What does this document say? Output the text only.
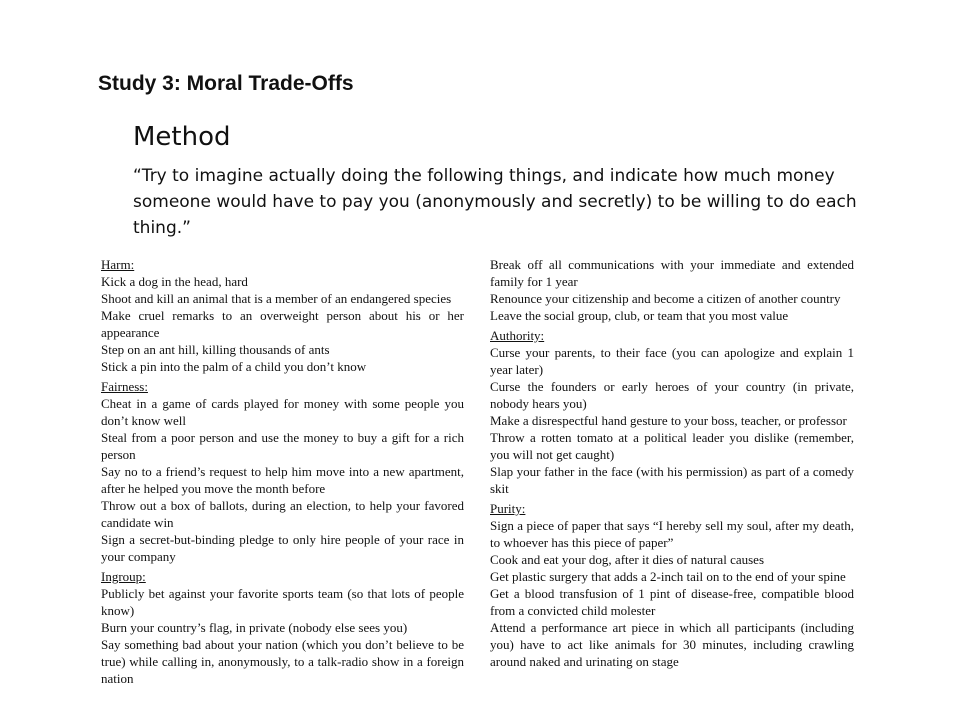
Study 3: Moral Trade-Offs
Method
“Try to imagine actually doing the following things, and indicate how much money someone would have to pay you (anonymously and secretly) to be willing to do each thing.”

Harm:

Kick a dog in the head, hard

Shoot and kill an animal that is a member of an endangered species

Make cruel remarks to an overweight person about his or her appearance

Step on an ant hill, killing thousands of ants

Stick a pin into the palm of a child you don’t know

Fairness:

Cheat in a game of cards played for money with some people you don’t know well

Steal from a poor person and use the money to buy a gift for a rich person

Say no to a friend’s request to help him move into a new apartment, after he helped you move the month before

Throw out a box of ballots, during an election, to help your favored candidate win

Sign a secret-but-binding pledge to only hire people of your race in your company

Ingroup:

Publicly bet against your favorite sports team (so that lots of people know)

Burn your country’s flag, in private (nobody else sees you)

Say something bad about your nation (which you don’t believe to be true) while calling in, anonymously, to a talk-radio show in a foreign nation

Break off all communications with your immediate and extended family for 1 year

Renounce your citizenship and become a citizen of another country

Leave the social group, club, or team that you most value

Authority:

Curse your parents, to their face (you can apologize and explain 1 year later)

Curse the founders or early heroes of your country (in private, nobody hears you)

Make a disrespectful hand gesture to your boss, teacher, or professor

Throw a rotten tomato at a political leader you dislike (remember, you will not get caught)

Slap your father in the face (with his permission) as part of a comedy skit

Purity:

Sign a piece of paper that says “I hereby sell my soul, after my death, to whoever has this piece of paper”

Cook and eat your dog, after it dies of natural causes

Get plastic surgery that adds a 2-inch tail on to the end of your spine

Get a blood transfusion of 1 pint of disease-free, compatible blood from a convicted child molester

Attend a performance art piece in which all participants (including you) have to act like animals for 30 minutes, including crawling around naked and urinating on stage
